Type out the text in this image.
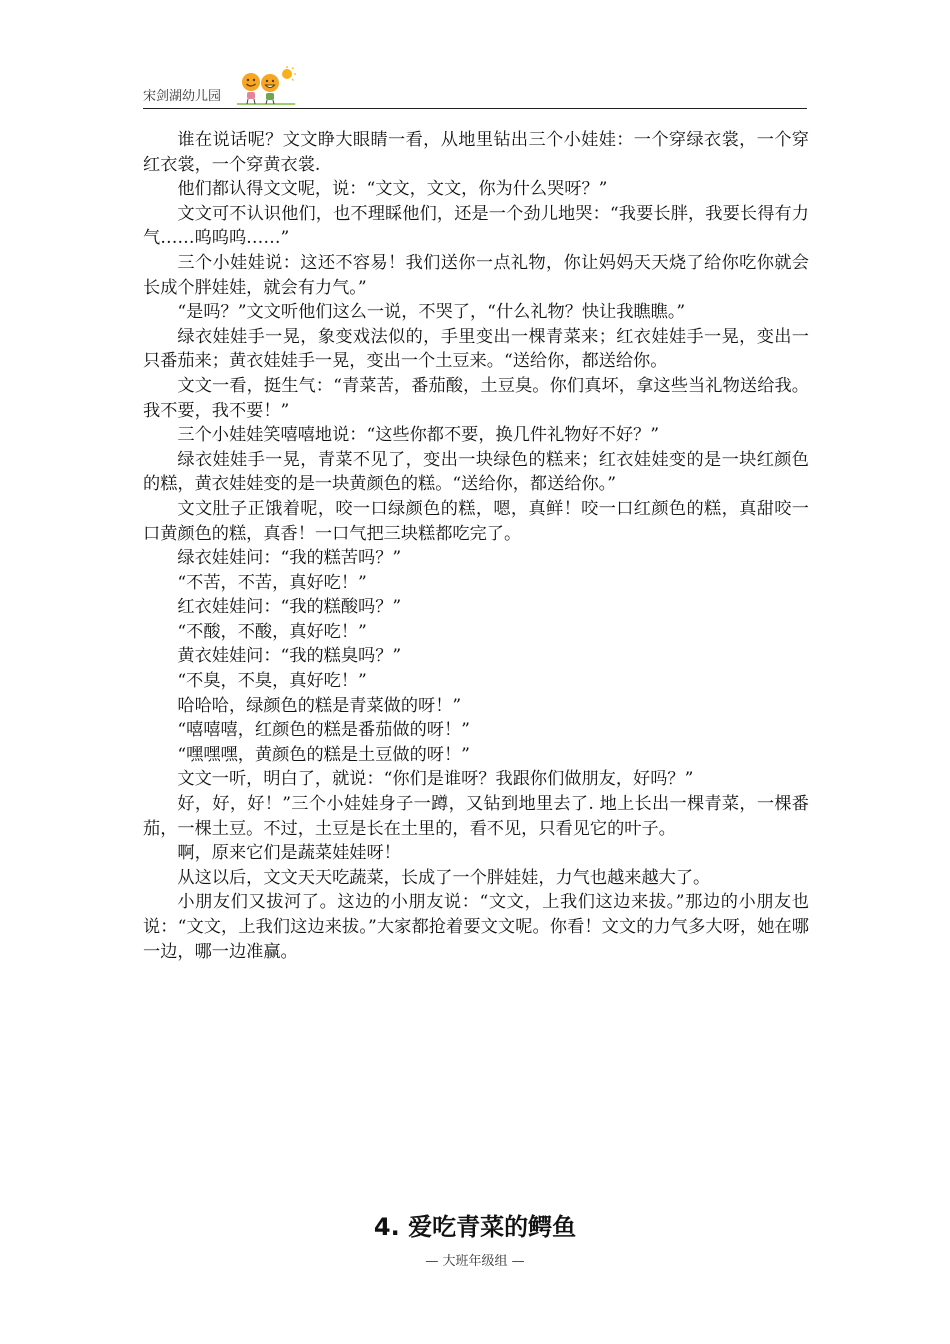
宋剑湖幼儿园

谁在说话呢？文文睁大眼睛一看，从地里钻出三个小娃娃：一个穿绿衣裳，一个穿红衣裳，一个穿黄衣裳.

他们都认得文文呢，说：“文文，文文，你为什么哭呀？”

文文可不认识他们，也不理睬他们，还是一个劲儿地哭：“我要长胖，我要长得有力气……呜呜呜……”

三个小娃娃说：这还不容易！我们送你一点礼物，你让妈妈天天烧了给你吃你就会长成个胖娃娃，就会有力气。”

“是吗？”文文听他们这么一说，不哭了，“什么礼物？快让我瞧瞧。”

绿衣娃娃手一晃，象变戏法似的，手里变出一棵青菜来；红衣娃娃手一晃，变出一只番茄来；黄衣娃娃手一晃，变出一个土豆来。“送给你，都送给你。

文文一看，挺生气：“青菜苦，番茄酸，土豆臭。你们真坏，拿这些当礼物送给我。我不要，我不要！”

三个小娃娃笑嘻嘻地说：“这些你都不要，换几件礼物好不好？”

绿衣娃娃手一晃，青菜不见了，变出一块绿色的糕来；红衣娃娃变的是一块红颜色的糕，黄衣娃娃变的是一块黄颜色的糕。“送给你，都送给你。”

文文肚子正饿着呢，咬一口绿颜色的糕，嗯，真鲜！咬一口红颜色的糕，真甜咬一口黄颜色的糕，真香！一口气把三块糕都吃完了。

绿衣娃娃问：“我的糕苦吗？”

“不苦，不苦，真好吃！”

红衣娃娃问：“我的糕酸吗？”

“不酸，不酸，真好吃！”

黄衣娃娃问：“我的糕臭吗？”

“不臭，不臭，真好吃！”

哈哈哈，绿颜色的糕是青菜做的呀！”

“嘻嘻嘻，红颜色的糕是番茄做的呀！”

“嘿嘿嘿，黄颜色的糕是土豆做的呀！”

文文一听，明白了，就说：“你们是谁呀？我跟你们做朋友，好吗？”

好，好，好！”三个小娃娃身子一蹲，又钻到地里去了. 地上长出一棵青菜，一棵番茄，一棵土豆。不过，土豆是长在土里的，看不见，只看见它的叶子。

啊，原来它们是蔬菜娃娃呀！

从这以后，文文天天吃蔬菜，长成了一个胖娃娃，力气也越来越大了。

小朋友们又拔河了。这边的小朋友说：“文文，上我们这边来拔。”那边的小朋友也说：“文文，上我们这边来拔。”大家都抢着要文文呢。你看！文文的力气多大呀，她在哪一边，哪一边准赢。

4. 爱吃青菜的鳄鱼
— 大班年级组 —
